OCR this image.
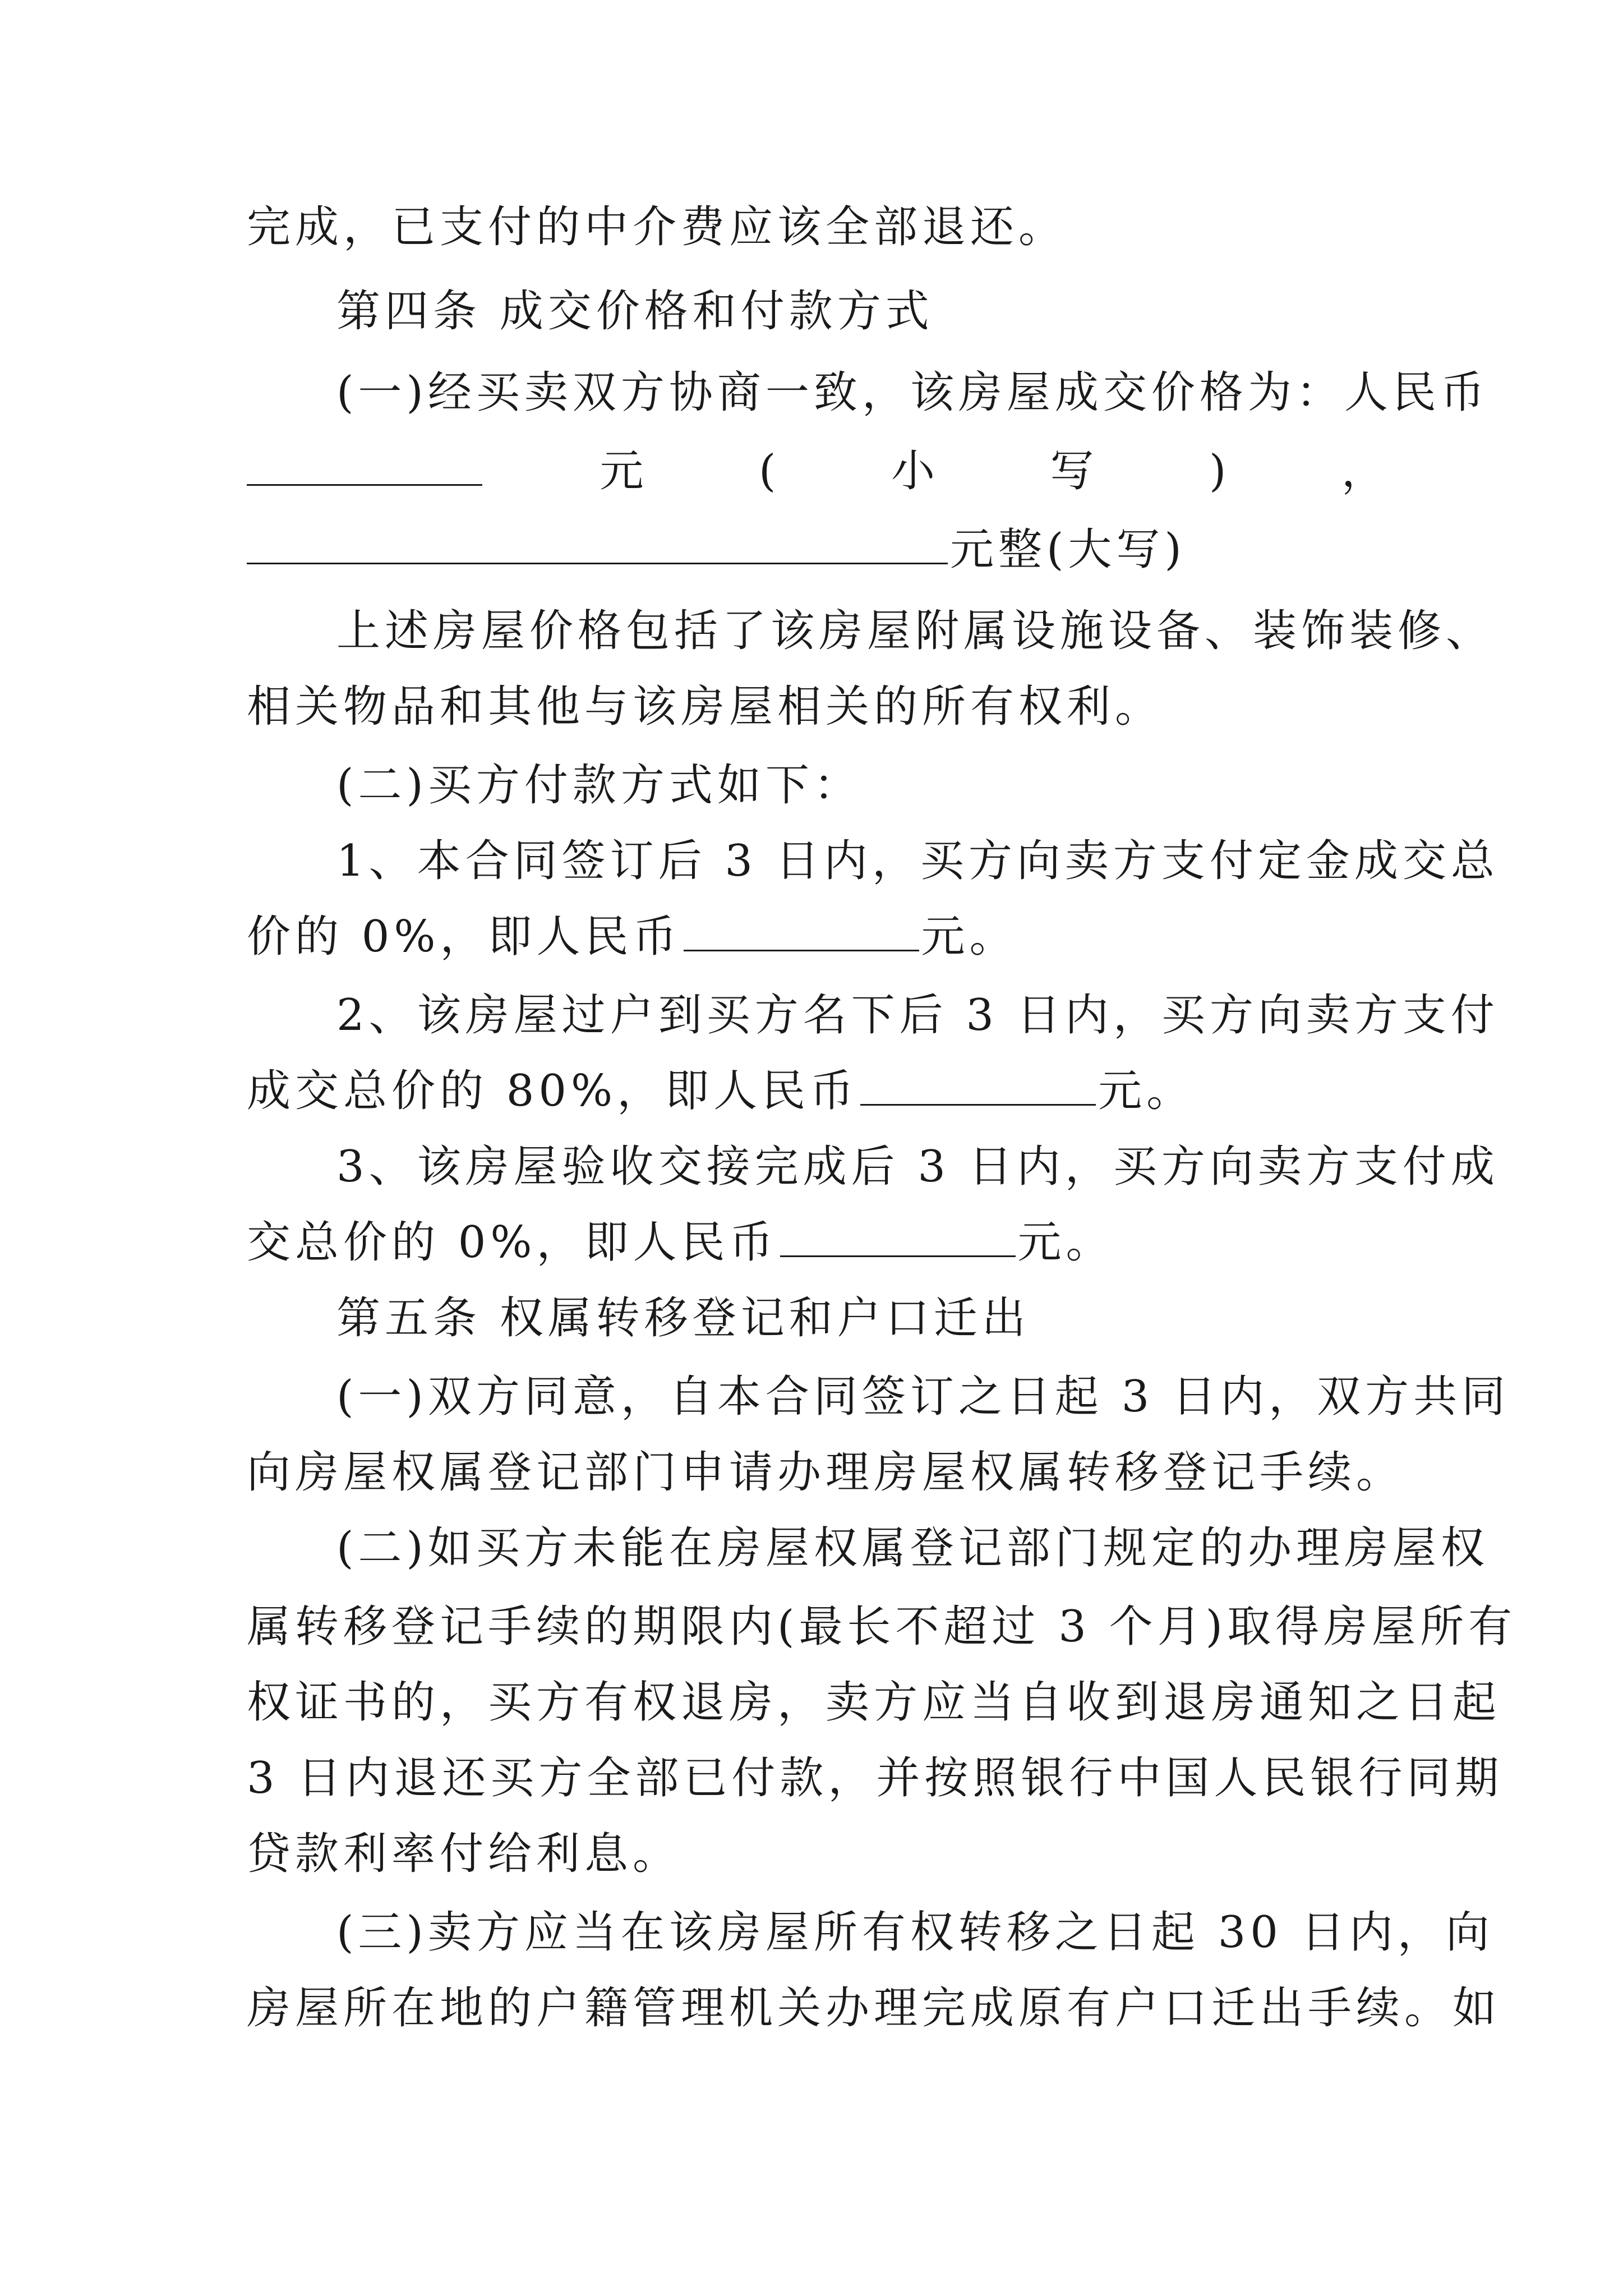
完成，已支付的中介费应该全部退还。
第四条 成交价格和付款方式
(一)经买卖双方协商一致，该房屋成交价格为：人民币
元	(	小	写	)	，
元整(大写)
上述房屋价格包括了该房屋附属设施设备、装饰装修、
相关物品和其他与该房屋相关的所有权利。
(二)买方付款方式如下：
1、本合同签订后 3 日内，买方向卖方支付定金成交总
价的 0%，即人民币	元。
2、该房屋过户到买方名下后 3 日内，买方向卖方支付
成交总价的 80%，即人民币	元。
3、该房屋验收交接完成后 3 日内，买方向卖方支付成
交总价的 0%，即人民币	元。
第五条 权属转移登记和户口迁出
(一)双方同意，自本合同签订之日起 3 日内，双方共同
向房屋权属登记部门申请办理房屋权属转移登记手续。
(二)如买方未能在房屋权属登记部门规定的办理房屋权
属转移登记手续的期限内(最长不超过 3 个月)取得房屋所有
权证书的，买方有权退房，卖方应当自收到退房通知之日起
3 日内退还买方全部已付款，并按照银行中国人民银行同期
贷款利率付给利息。
(三)卖方应当在该房屋所有权转移之日起 30 日内，向
房屋所在地的户籍管理机关办理完成原有户口迁出手续。如
